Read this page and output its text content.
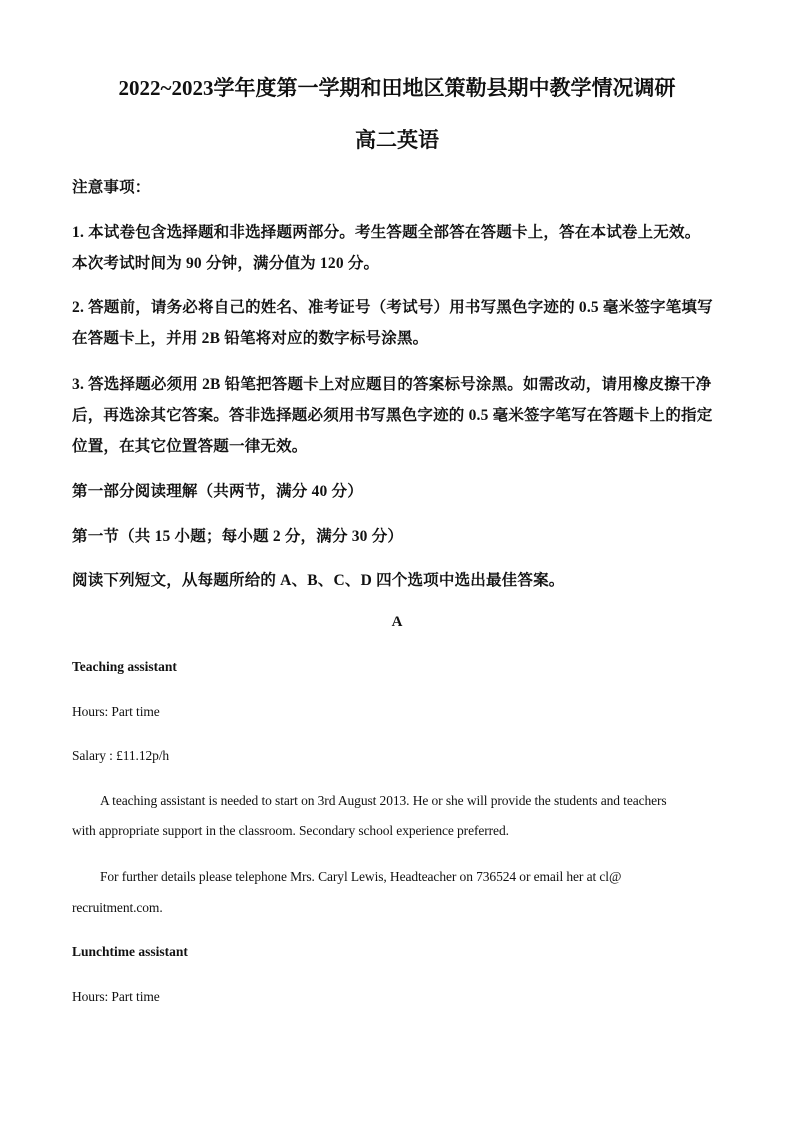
2022~2023学年度第一学期和田地区策勒县期中教学情况调研
高二英语
注意事项：
1. 本试卷包含选择题和非选择题两部分。考生答题全部答在答题卡上，答在本试卷上无效。
本次考试时间为 90 分钟，满分值为 120 分。
2. 答题前，请务必将自己的姓名、准考证号（考试号）用书写黑色字迹的 0.5 毫米签字笔填写
在答题卡上，并用 2B 铅笔将对应的数字标号涂黑。
3. 答选择题必须用 2B 铅笔把答题卡上对应题目的答案标号涂黑。如需改动，请用橡皮擦干净
后，再选涂其它答案。答非选择题必须用书写黑色字迹的 0.5 毫米签字笔写在答题卡上的指定
位置，在其它位置答题一律无效。
第一部分阅读理解（共两节，满分 40 分）
第一节（共 15 小题；每小题 2 分，满分 30 分）
阅读下列短文，从每题所给的 A、B、C、D 四个选项中选出最佳答案。
A
Teaching assistant
Hours: Part time
Salary : £11.12p/h
A teaching assistant is needed to start on 3rd August 2013. He or she will provide the students and teachers
with appropriate support in the classroom. Secondary school experience preferred.
For further details please telephone Mrs. Caryl Lewis, Headteacher on 736524 or email her at cl@
recruitment.com.
Lunchtime assistant
Hours: Part time
